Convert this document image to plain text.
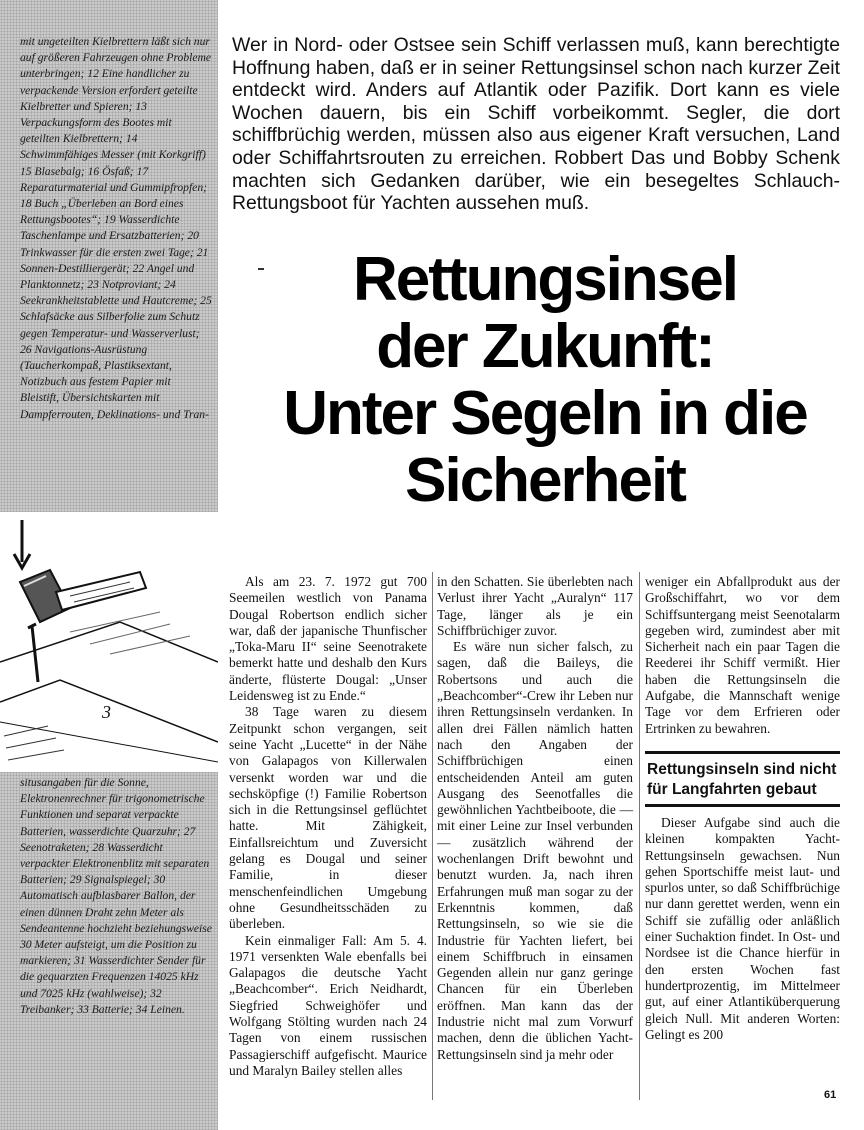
mit ungeteilten Kielbrettern läßt sich nur auf größeren Fahrzeugen ohne Probleme unterbringen; 12 Eine handlicher zu verpackende Version erfordert geteilte Kielbretter und Spieren; 13 Verpackungsform des Bootes mit geteilten Kielbrettern; 14 Schwimmfähiges Messer (mit Korkgriff) 15 Blasebalg; 16 Ösfaß; 17 Reparaturmaterial und Gummipfropfen; 18 Buch „Überleben an Bord eines Rettungsbootes“; 19 Wasserdichte Taschenlampe und Ersatzbatterien; 20 Trinkwasser für die ersten zwei Tage; 21 Sonnen-Destilliergerät; 22 Angel und Planktonnetz; 23 Notproviant; 24 Seekrankheitstablette und Hautcreme; 25 Schlafsäcke aus Silberfolie zum Schutz gegen Temperatur- und Wasserverlust; 26 Navigations-Ausrüstung (Taucherkompaß, Plastiksextant, Notizbuch aus festem Papier mit Bleistift, Übersichtskarten mit Dampferrouten, Deklinations- und Tran-

3

situsangaben für die Sonne, Elektronenrechner für trigonometrische Funktionen und separat verpackte Batterien, wasserdichte Quarzuhr; 27 Seenotraketen; 28 Wasserdicht verpackter Elektronenblitz mit separaten Batterien; 29 Signalspiegel; 30 Automatisch aufblasbarer Ballon, der einen dünnen Draht zehn Meter als Sendeantenne hochzieht beziehungsweise 30 Meter aufsteigt, um die Position zu markieren; 31 Wasserdichter Sender für die gequarzten Frequenzen 14025 kHz und 7025 kHz (wahlweise); 32 Treibanker; 33 Batterie; 34 Leinen.

Wer in Nord- oder Ostsee sein Schiff verlassen muß, kann berechtigte Hoffnung haben, daß er in seiner Rettungsinsel schon nach kurzer Zeit entdeckt wird. Anders auf Atlantik oder Pazifik. Dort kann es viele Wochen dauern, bis ein Schiff vorbeikommt. Segler, die dort schiffbrüchig werden, müssen also aus eigener Kraft versuchen, Land oder Schiffahrtsrouten zu erreichen. Robbert Das und Bobby Schenk machten sich Gedanken darüber, wie ein besegeltes Schlauch-Rettungsboot für Yachten aussehen muß.

Rettungsinsel
der Zukunft:
Unter Segeln in die
Sicherheit

Als am 23. 7. 1972 gut 700 Seemeilen westlich von Panama Dougal Robertson endlich sicher war, daß der japanische Thunfischer „Toka-Maru II“ seine Seenotrakete bemerkt hatte und deshalb den Kurs änderte, flüsterte Dougal: „Unser Leidensweg ist zu Ende.“

38 Tage waren zu diesem Zeitpunkt schon vergangen, seit seine Yacht „Lucette“ in der Nähe von Galapagos von Killerwalen versenkt worden war und die sechsköpfige (!) Familie Robertson sich in die Rettungsinsel geflüchtet hatte. Mit Zähigkeit, Einfallsreichtum und Zuversicht gelang es Dougal und seiner Familie, in dieser menschenfeindlichen Umgebung ohne Gesundheitsschäden zu überleben.

Kein einmaliger Fall: Am 5. 4. 1971 versenkten Wale ebenfalls bei Galapagos die deutsche Yacht „Beachcomber“. Erich Neidhardt, Siegfried Schweighöfer und Wolfgang Stölting wurden nach 24 Tagen von einem russischen Passagierschiff aufgefischt. Maurice und Maralyn Bailey stellen alles

in den Schatten. Sie überlebten nach Verlust ihrer Yacht „Auralyn“ 117 Tage, länger als je ein Schiffbrüchiger zuvor.

Es wäre nun sicher falsch, zu sagen, daß die Baileys, die Robertsons und auch die „Beachcomber“-Crew ihr Leben nur ihren Rettungsinseln verdanken. In allen drei Fällen nämlich hatten nach den Angaben der Schiffbrüchigen einen entscheidenden Anteil am guten Ausgang des Seenotfalles die gewöhnlichen Yachtbeiboote, die — mit einer Leine zur Insel verbunden — zusätzlich während der wochenlangen Drift bewohnt und benutzt wurden. Ja, nach ihren Erfahrungen muß man sogar zu der Erkenntnis kommen, daß Rettungsinseln, so wie sie die Industrie für Yachten liefert, bei einem Schiffbruch in einsamen Gegenden allein nur ganz geringe Chancen für ein Überleben eröffnen. Man kann das der Industrie nicht mal zum Vorwurf machen, denn die üblichen Yacht-Rettungsinseln sind ja mehr oder

weniger ein Abfallprodukt aus der Großschiffahrt, wo vor dem Schiffsuntergang meist Seenotalarm gegeben wird, zumindest aber mit Sicherheit nach ein paar Tagen die Reederei ihr Schiff vermißt. Hier haben die Rettungsinseln die Aufgabe, die Mannschaft wenige Tage vor dem Erfrieren oder Ertrinken zu bewahren.

Rettungsinseln sind nicht für Langfahrten gebaut

Dieser Aufgabe sind auch die kleinen kompakten Yacht-Rettungsinseln gewachsen. Nun gehen Sportschiffe meist laut- und spurlos unter, so daß Schiffbrüchige nur dann gerettet werden, wenn ein Schiff sie zufällig oder anläßlich einer Suchaktion findet. In Ost- und Nordsee ist die Chance hierfür in den ersten Wochen fast hundertprozentig, im Mittelmeer gut, auf einer Atlantiküberquerung gleich Null. Mit anderen Worten: Gelingt es 200

61
